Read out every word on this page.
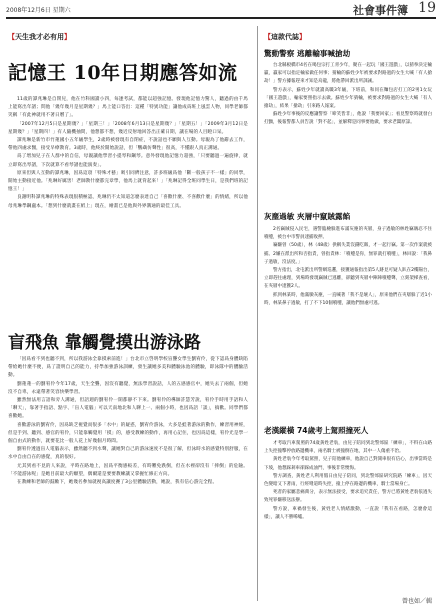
2008年12月6日 星期六	社會事件簿 19
【天生我才必有用】
記憶王 10年日期應答如流

11歲的譚兆琳是自閉兒，他在竹科國讀小四，每逢考試，都能以超強記憶。發現他記憶力驚人，聽過的由千馬上能寫出年譜；問他「幾年幾月是星期幾？」馬上能口答出：這種「特異功能」讓他成爲班上風雲人物，同學老師都笑稱「有此神就用不著日曆了」。

「2007年12月5日是星期幾？」「星期三！」「2008年6月13日是星期幾？」「星期五！」「2009年3月12日是星期幾？」「星期四！」有人隨機抽問，他想都不想，幾近反射地回答出正確日期，讓在場的人目瞪口呆。

譚兆琳是新竹市竹蓮國小五年級學生，2歲時被發現有自閉症，不說話也不願與人互動。母親為了他辭去工作，帶他四處求醫，接受早療教育。3歲時，他終於開始說話，但「鸚鵡仿聲性」很高，不懂跟人真正溝通。

爲了增加兒子在人群中的自信，母親讓他學習小提琴和鋼琴。意外發現他記憶力超強，「只要聽過一遍旋律，就立即寫出琴譜，下次就算不看琴譜也能演奏」。

原來但與人互動的譚兆琳，因爲這項「特殊才藝」吸引同儕注意，許多班級爲他「斷一般孩子不一樣」的同學，開始主動接近他。「兆琳好厲害！老師教什麼都完章學，他馬上就背起來！」「兆琳記得全班同學生日，是我們班的記憶王！」

良謝明科譚兆琳的特殊表現很積極認，兆琳仍不太知道怎麼表達自己「喜歡什麼、不喜歡什麼」的情緒，所以他母兆琳學鋼盧本。「想到什麼就畫在紙上」現在，繪畫已是他與外界溝通的最佳工具。

盲飛魚 靠觸覺摸出游泳路

「因爲看不到也聽不到，所以我游泳全靠摸索前進！」台北市立啓明學校盲聾女學生劉宥伶，從下認爲身體缺陷帶給她什麼不便，爲了證明自己的能力，持學加強游泳訓練，發生讓她多美和體驗泳池的體驗，即泳隊中的體驗活動。

劉蓮蓮一的劉宥伶今年17歲，天生全聾，因沒有聽覺，無法學習說話，人的五感感官中，她失去了兩個，但她沒不自卑，永遠帶著笑容快樂學習。

雖然無法用言語和旁人溝通，但語週的劉宥伶一開都靜不下來。劉宥伶的導師許慧芳說，宥伶手時用手語和人「聊天」，靠著手指語、點字、「盲人電腦」可以天南地北和人聊上一、兩個小時，也因爲語「談」，搞歡。同學們都喜歡她。

喜歡游泳的劉宥伶，因爲缺乏視覺而很多「水中」的疑惑，劉宥伶游泳，大多是蛙著游泳的動作，練習用神經，但是手到、聽到、感官的宥伶，只能靠觸覺用「摸」的，感受教練的動作，再用心記住，也因爲這樣，宥伶光是學一個自由式的動作，就要花比一般人花上好幾個月時間。

劉宥伶透過盲人電腦表示，雖然聽不到水聲，讓她對自己的游泳速度不是很了解，但泳時水的感覺特別舒服，在水中自由自在的感覺，真的很好。

尤其到看不見的人來說，平時在路地上，因爲平衡感較差，有時難免跌倒，但在水裡卻沒有「摔倒」的危險。「不能游泳呢」是她目前最大的願望，偶爾還是要要教練讓又掌握忙修正方向。

在教練和老師的鼓勵下，她幾名參加就視高讓度賽了3公里體驗活動，她說，我有信心游完全程。

【這款代誌】
驚動警察 逃離輸事喊搶劫

台北縣板橋市4名在喝包宗打工青少年，聚在一起玩「國王遊戲」，以猜拳決定輸贏，贏家可以指定輸家做任何事；猜輸的蘇姓少年被要求對路過的女生大喊「有人搶劫！」警方據報趕來才知是烏龍，將他帶回派出所訓誡。

警方表示，蘇姓少年就讀高職3年級，下班前，和同在麵包店打工的2男1女玩「國王遊戲」，輸家要照指示去做。蘇姓少年猜輸，被要求對路過的女生大喊「有人搶劫」，結果「搶劫」引來路人報案。

蘇姓少年事後的反應讓警察「啼笑皆非」，他說「我要回家」；看見警察時就發白打顫，後報警都人員告說「對不起」，並解釋是同事要他做，要求老闆原諒。

灰塵過敏 夾層中竄賊露餡

2名竊賊侵入民宅，遇警臨檢躲進布滿灰塵的夾層，身子過敏的林姓竊賊忍不住噴嚏，被台中市警員逮捕收押。

竊嫌曾（50歲），林（48歲）供稱失業沒錢吃飯，才一起行竊。第一次作案就被捕。2嫌在派出所和否指責，曾指責林：「噴嚏是你，無罪就打噴嚏」，林回說：「我鼻子過敏，沒法度。」

警方指出，北屯派出所警網巡邏，接獲通報指出第5人跡見可疑人趴在2樓陽台，立即趕往處理，到場時發現竊賊已逃離，卻聽到夾層中陣陣噴嚏聲，立刻架梯查看，在夾層中逮獲2人。

抓到林某時，他滿臉灰塵，一直喊著「我不是壞人」，原來他們在夾層躲了近1小時，林某鼻子過敏，打了不下10個噴嚏，讓他們無處可逃。

老漢縱橫 74歲考上駕照撞死人

才考取汽車駕照的74歲黃姓老翁，由兒子陪同到北警郊區「練車」，不料在山路上失控撞擊停放路邊機車，兩名騎士被撞倒在地，其中一人傷重不治。

黃姓老翁今年考取駕照，兒子陪他練車，他說自己對開車很有信心，出事當時是下坡，他想踩剎車卻踩成油門，事後非常懊悔。

警方調查，黃姓老人利用假日由兒子陪同，到北警郊區研究院路「練車」，因天色變暗又下著雨，行經彎道時失控，撞上停在路邊的機車，騎士當場身亡。

死者的家屬悲痛萬分，表示無法接受，要求追究責任，警方已將黃姓老翁依過失致死罪嫌移送法辦。

警方說，車禍發生後，黃姓老人情緒激動，一直說「我有在看路，怎麼會這樣」，讓人不勝唏噓。

曾也如／輯
